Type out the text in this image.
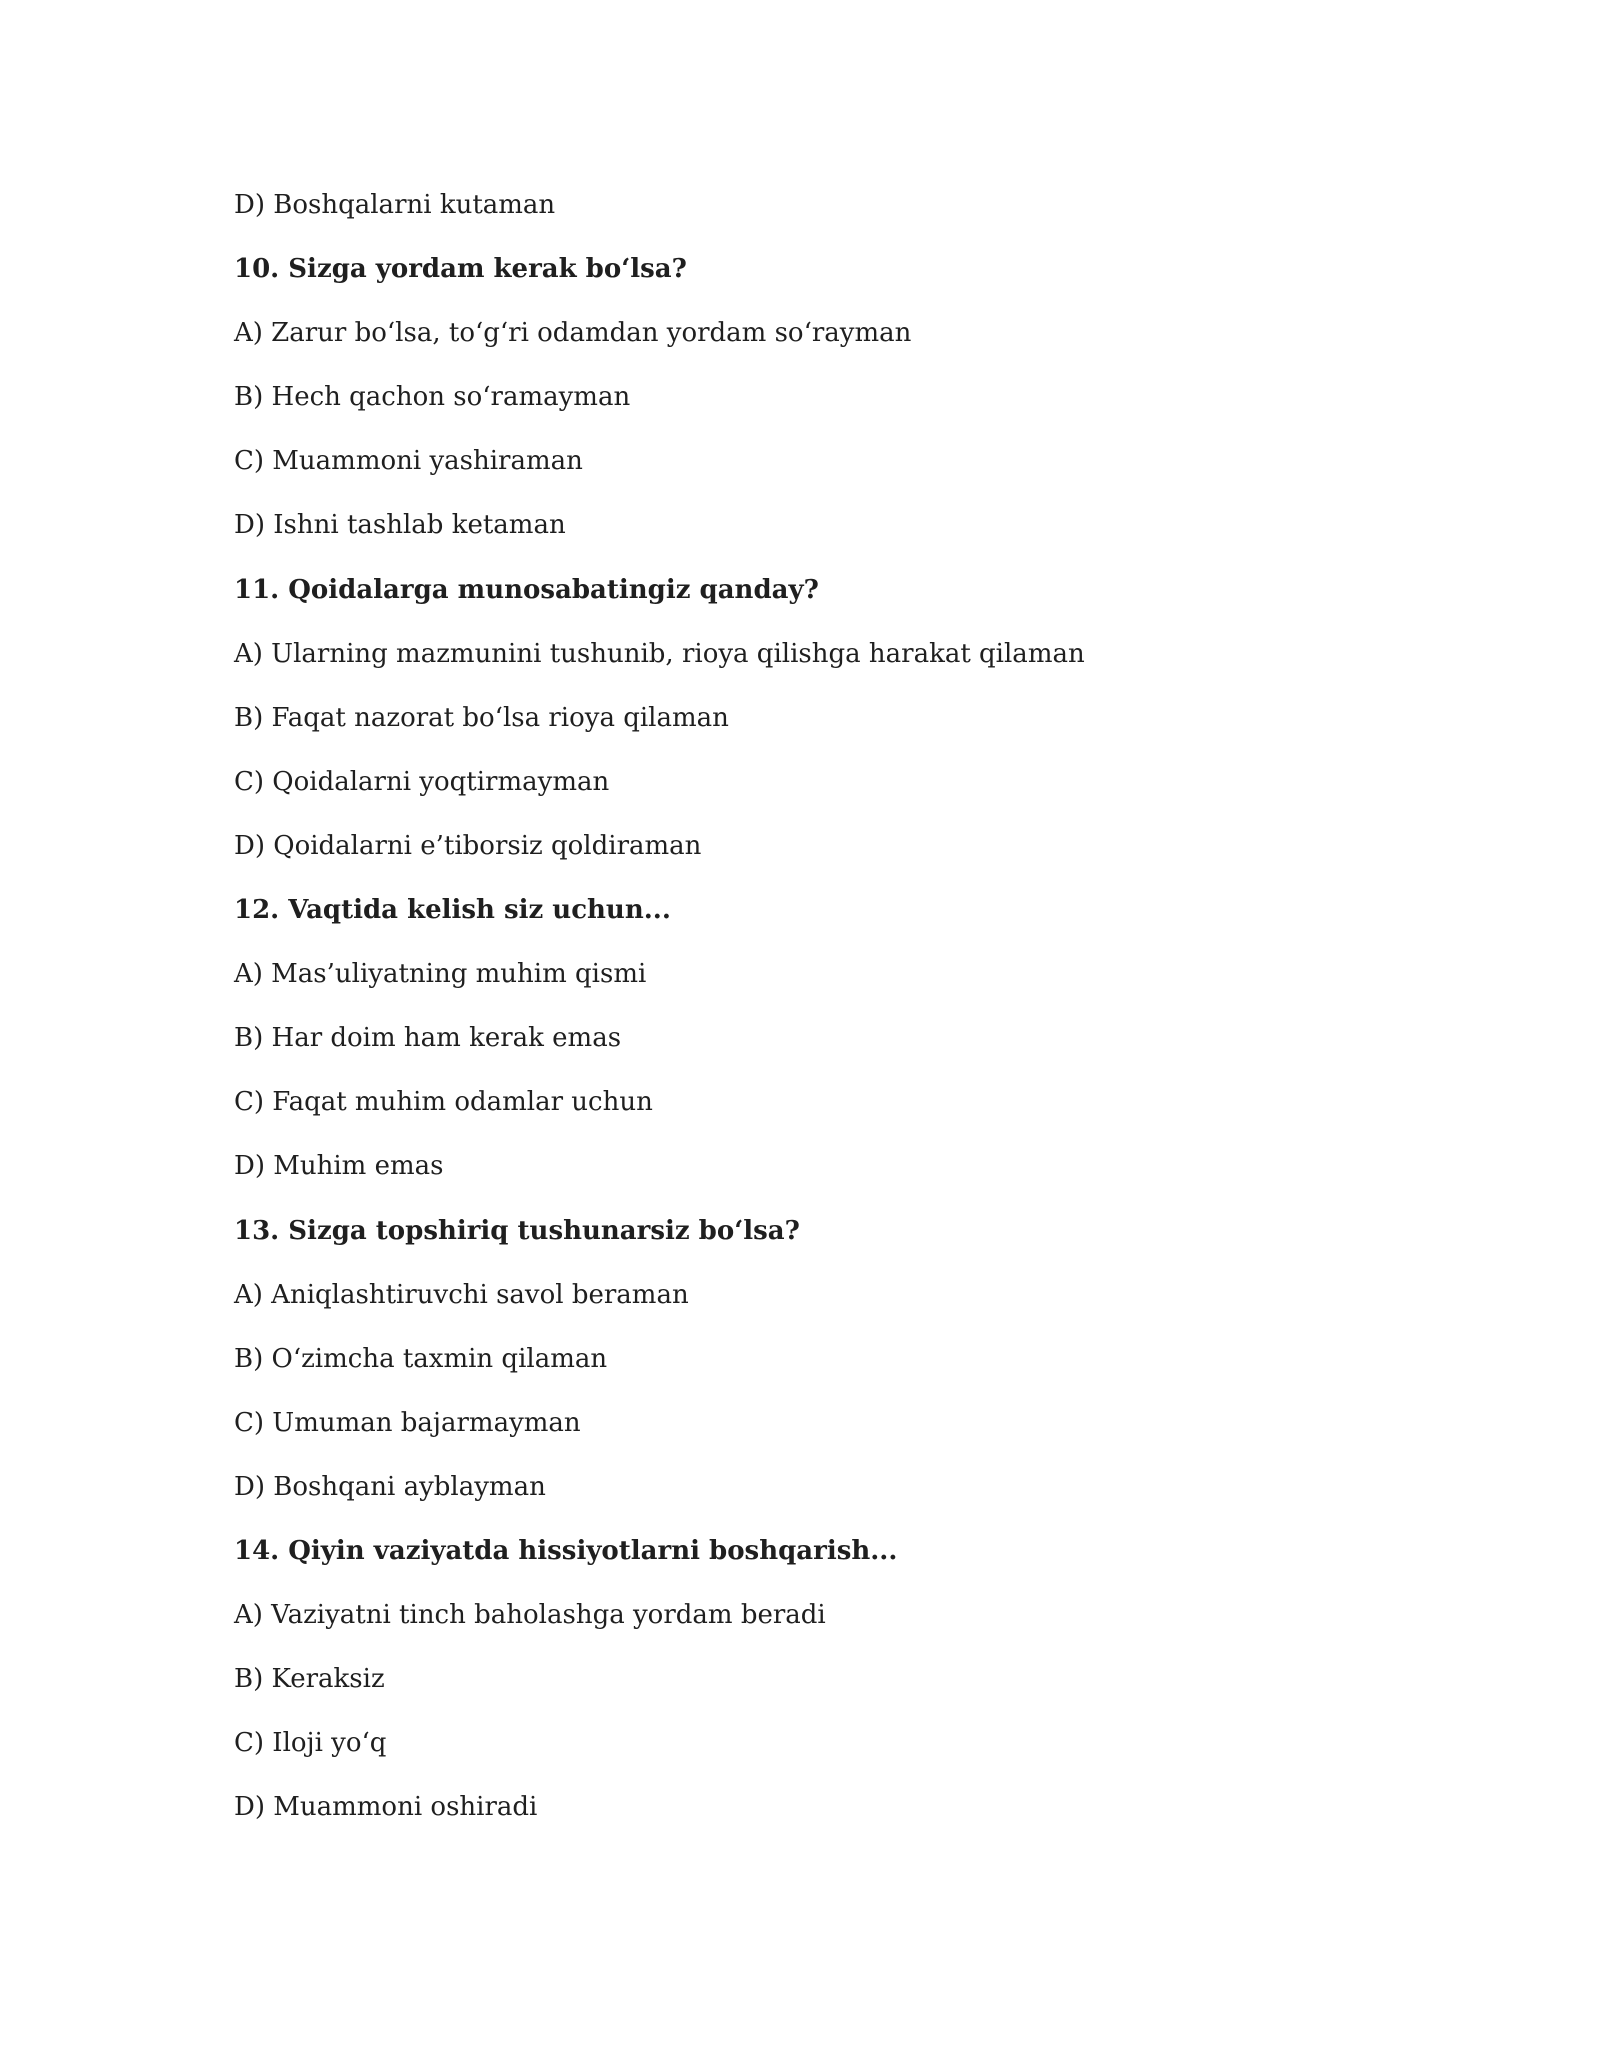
D) Boshqalarni kutaman
10. Sizga yordam kerak bo‘lsa?
A) Zarur bo‘lsa, to‘g‘ri odamdan yordam so‘rayman
B) Hech qachon so‘ramayman
C) Muammoni yashiraman
D) Ishni tashlab ketaman
11. Qoidalarga munosabatingiz qanday?
A) Ularning mazmunini tushunib, rioya qilishga harakat qilaman
B) Faqat nazorat bo‘lsa rioya qilaman
C) Qoidalarni yoqtirmayman
D) Qoidalarni e’tiborsiz qoldiraman
12. Vaqtida kelish siz uchun...
A) Mas’uliyatning muhim qismi
B) Har doim ham kerak emas
C) Faqat muhim odamlar uchun
D) Muhim emas
13. Sizga topshiriq tushunarsiz bo‘lsa?
A) Aniqlashtiruvchi savol beraman
B) O‘zimcha taxmin qilaman
C) Umuman bajarmayman
D) Boshqani ayblayman
14. Qiyin vaziyatda hissiyotlarni boshqarish...
A) Vaziyatni tinch baholashga yordam beradi
B) Keraksiz
C) Iloji yo‘q
D) Muammoni oshiradi
